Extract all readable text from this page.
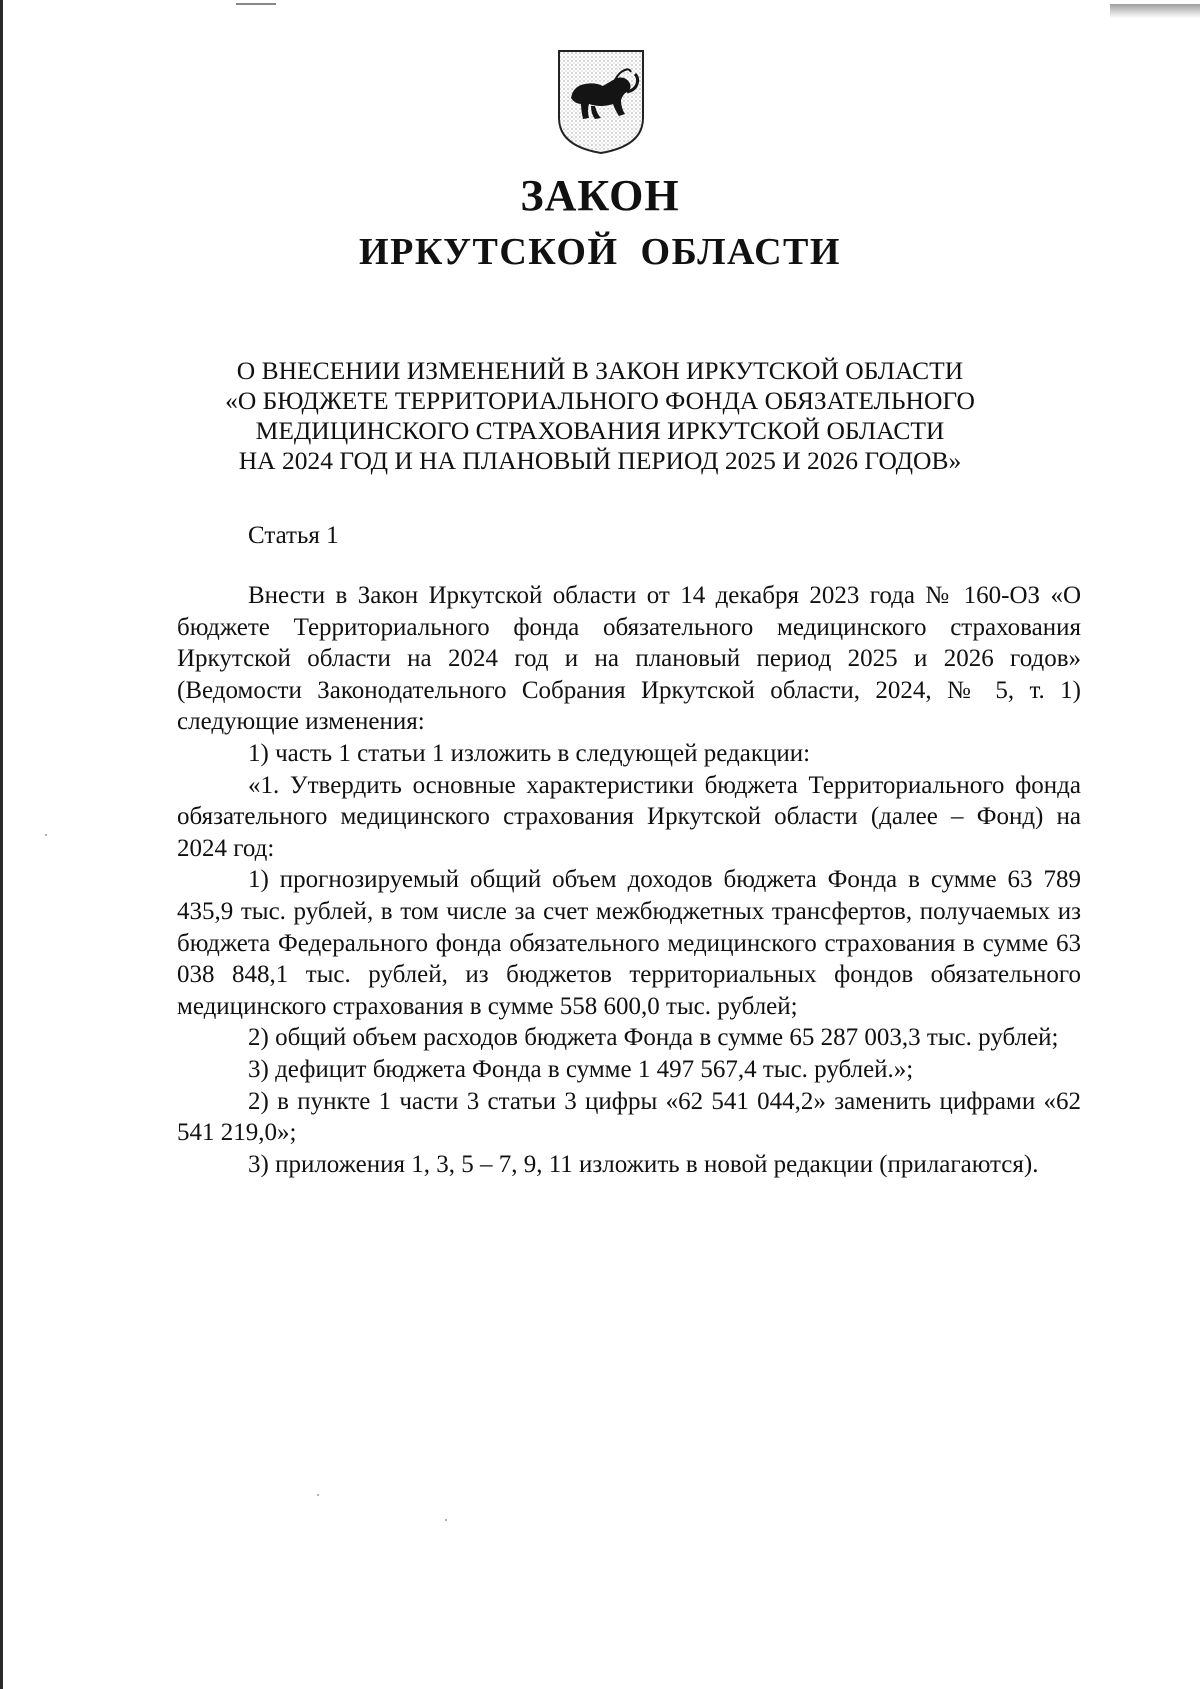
ЗАКОН
ИРКУТСКОЙ  ОБЛАСТИ
О ВНЕСЕНИИ ИЗМЕНЕНИЙ В ЗАКОН ИРКУТСКОЙ ОБЛАСТИ
«О БЮДЖЕТЕ ТЕРРИТОРИАЛЬНОГО ФОНДА ОБЯЗАТЕЛЬНОГО
МЕДИЦИНСКОГО СТРАХОВАНИЯ ИРКУТСКОЙ ОБЛАСТИ
НА 2024 ГОД И НА ПЛАНОВЫЙ ПЕРИОД 2025 И 2026 ГОДОВ»
Статья 1

Внести в Закон Иркутской области от 14 декабря 2023 года № 160-ОЗ «О бюджете Территориального фонда обязательного медицинского страхования Иркутской области на 2024 год и на плановый период 2025 и 2026 годов» (Ведомости Законодательного Собрания Иркутской области, 2024, № 5, т. 1) следующие изменения:

1) часть 1 статьи 1 изложить в следующей редакции:

«1. Утвердить основные характеристики бюджета Территориального фонда обязательного медицинского страхования Иркутской области (далее – Фонд) на 2024 год:

1) прогнозируемый общий объем доходов бюджета Фонда в сумме 63 789 435,9 тыс. рублей, в том числе за счет межбюджетных трансфертов, получаемых из бюджета Федерального фонда обязательного медицинского страхования в сумме 63 038 848,1 тыс. рублей, из бюджетов территориальных фондов обязательного медицинского страхования в сумме 558 600,0 тыс. рублей;

2) общий объем расходов бюджета Фонда в сумме 65 287 003,3 тыс. рублей;

3) дефицит бюджета Фонда в сумме 1 497 567,4 тыс. рублей.»;

2) в пункте 1 части 3 статьи 3 цифры «62 541 044,2» заменить цифрами «62 541 219,0»;

3) приложения 1, 3, 5 – 7, 9, 11 изложить в новой редакции (прилагаются).
